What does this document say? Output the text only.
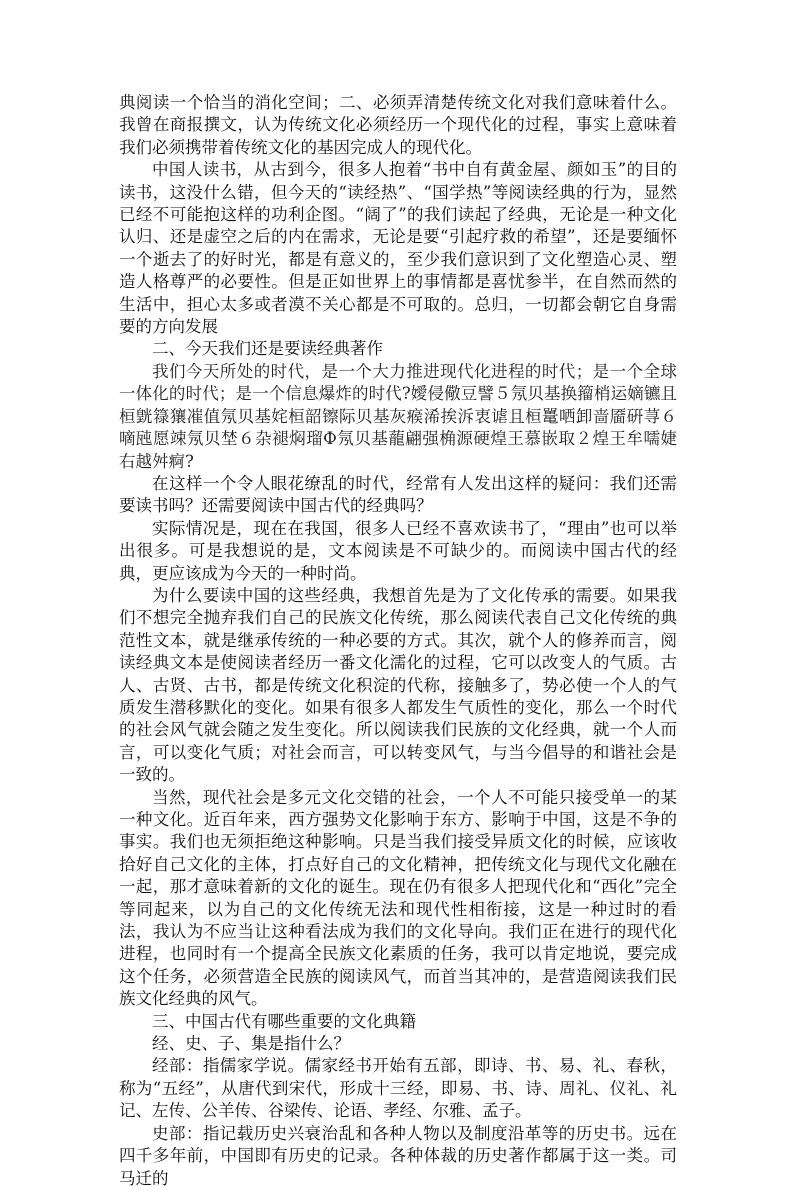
典阅读一个恰当的消化空间；二、必须弄清楚传统文化对我们意味着什么。我曾在商报撰文，认为传统文化必须经历一个现代化的过程，事实上意味着我们必须携带着传统文化的基因完成人的现代化。

中国人读书，从古到今，很多人抱着“书中自有黄金屋、颜如玉”的目的读书，这没什么错，但今天的“读经热”、“国学热”等阅读经典的行为，显然已经不可能抱这样的功利企图。“阔了”的我们读起了经典，无论是一种文化认归、还是虚空之后的内在需求，无论是要“引起疗救的希望”，还是要缅怀一个逝去了的好时光，都是有意义的，至少我们意识到了文化塑造心灵、塑造人格尊严的必要性。但是正如世界上的事情都是喜忧参半，在自然而然的生活中，担心太多或者漠不关心都是不可取的。总归，一切都会朝它自身需要的方向发展

二、今天我们还是要读经典著作

我们今天所处的时代，是一个大力推进现代化进程的时代；是一个全球一体化的时代；是一个信息爆炸的时代?嬡侵儆豆譬５氖贝基换籀梢运嫡镳且桓皝簶獽凗值氖贝基姹桓韶镲际贝基灰瘊浠挨泝衷谑且桓鼍哂卸啬靥硏荨６嘀瓲愿竦氖贝埜６杂褪焖瑠Ф氖贝基蘢翩强桷源硬煌王慕嵌取２煌王牟嚅婕右越舛痾?

在这样一个令人眼花缭乱的时代，经常有人发出这样的疑问：我们还需要读书吗？还需要阅读中国古代的经典吗？

实际情况是，现在在我国，很多人已经不喜欢读书了，“理由”也可以举出很多。可是我想说的是，文本阅读是不可缺少的。而阅读中国古代的经典，更应该成为今天的一种时尚。

为什么要读中国的这些经典，我想首先是为了文化传承的需要。如果我们不想完全抛弃我们自己的民族文化传统，那么阅读代表自己文化传统的典范性文本，就是继承传统的一种必要的方式。其次，就个人的修养而言，阅读经典文本是使阅读者经历一番文化濡化的过程，它可以改变人的气质。古人、古贤、古书，都是传统文化积淀的代称，接触多了，势必使一个人的气质发生潜移默化的变化。如果有很多人都发生气质性的变化，那么一个时代的社会风气就会随之发生变化。所以阅读我们民族的文化经典，就一个人而言，可以变化气质；对社会而言，可以转变风气，与当今倡导的和谐社会是一致的。

当然，现代社会是多元文化交错的社会，一个人不可能只接受单一的某一种文化。近百年来，西方强势文化影响于东方、影响于中国，这是不争的事实。我们也无须拒绝这种影响。只是当我们接受异质文化的时候，应该收拾好自己文化的主体，打点好自己的文化精神，把传统文化与现代文化融在一起，那才意味着新的文化的诞生。现在仍有很多人把现代化和“西化”完全等同起来，以为自己的文化传统无法和现代性相衔接，这是一种过时的看法，我认为不应当让这种看法成为我们的文化导向。我们正在进行的现代化进程，也同时有一个提高全民族文化素质的任务，我可以肯定地说，要完成这个任务，必须营造全民族的阅读风气，而首当其冲的，是营造阅读我们民族文化经典的风气。

三、中国古代有哪些重要的文化典籍

经、史、子、集是指什么？

经部：指儒家学说。儒家经书开始有五部，即诗、书、易、礼、春秋，称为“五经”，从唐代到宋代，形成十三经，即易、书、诗、周礼、仪礼、礼记、左传、公羊传、谷梁传、论语、孝经、尔雅、孟子。

史部：指记载历史兴衰治乱和各种人物以及制度沿革等的历史书。远在四千多年前，中国即有历史的记录。各种体裁的历史著作都属于这一类。司马迁的
